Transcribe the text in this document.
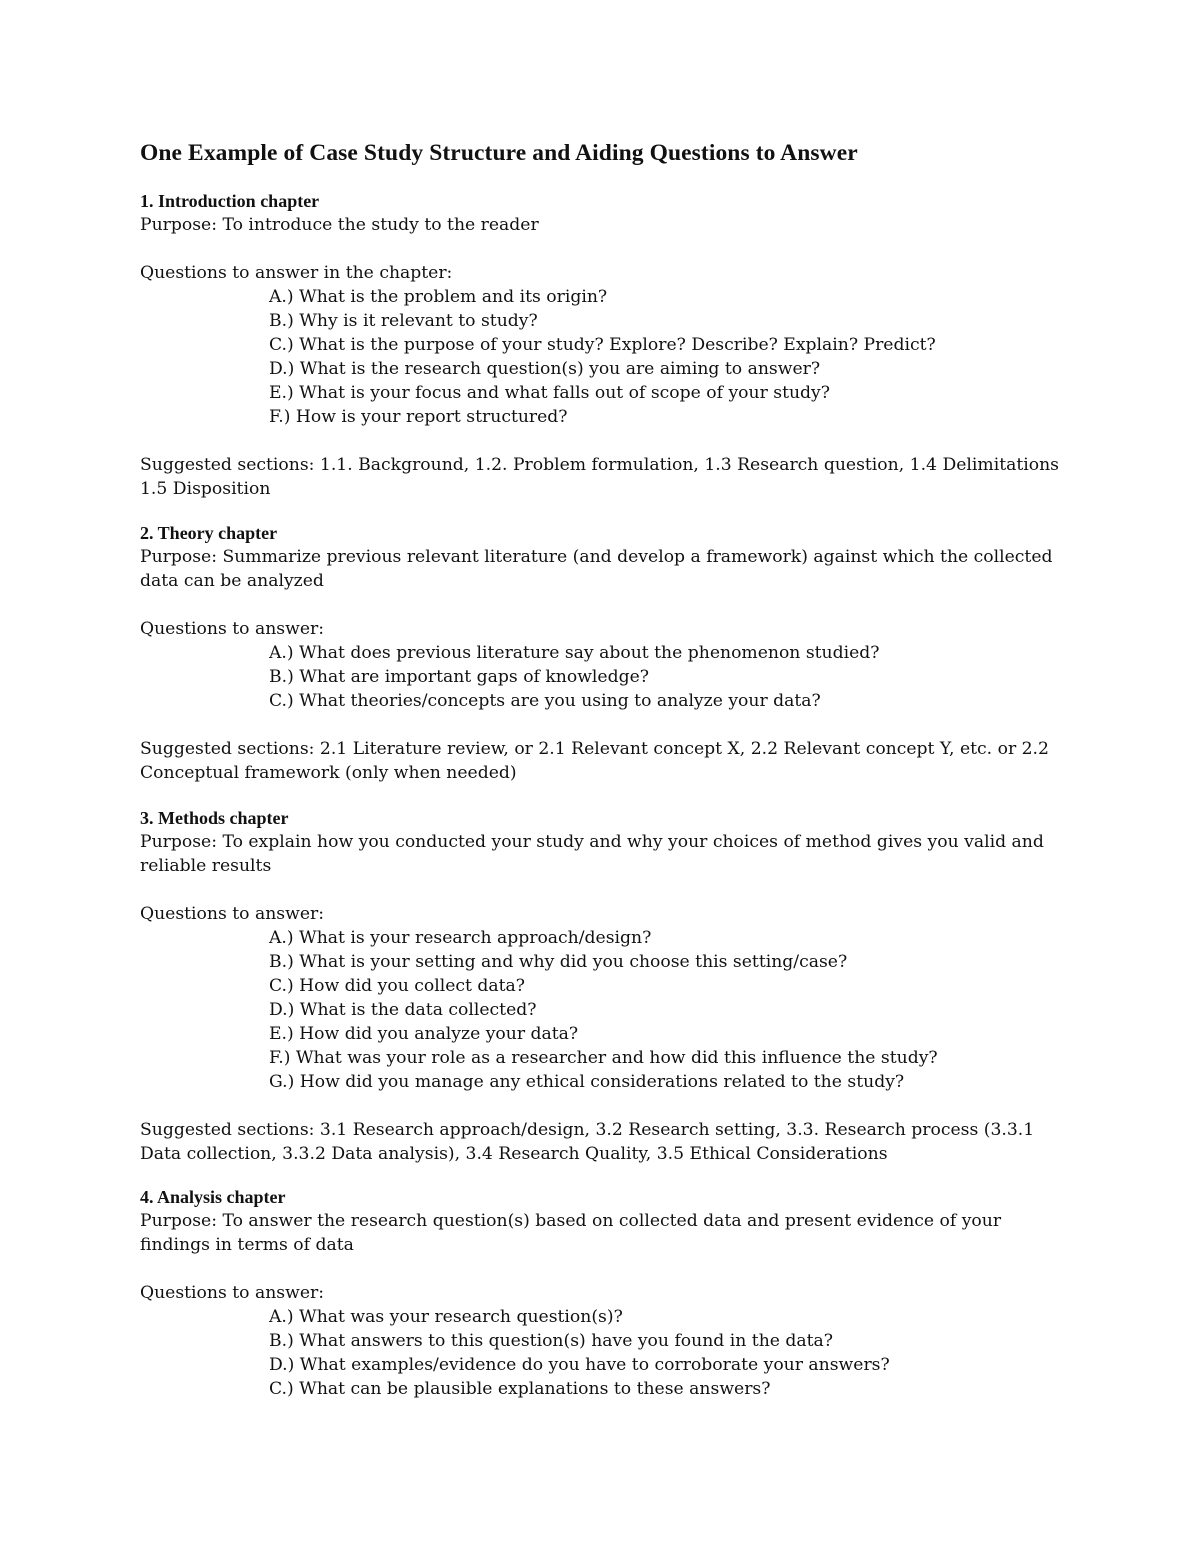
One Example of Case Study Structure and Aiding Questions to Answer

1. Introduction chapter

Purpose: To introduce the study to the reader

Questions to answer in the chapter:

A.) What is the problem and its origin?
B.) Why is it relevant to study?
C.) What is the purpose of your study? Explore? Describe? Explain? Predict?
D.) What is the research question(s) you are aiming to answer?
E.) What is your focus and what falls out of scope of your study?
F.) How is your report structured?

Suggested sections: 1.1. Background, 1.2. Problem formulation, 1.3 Research question, 1.4 Delimitations 1.5 Disposition

2. Theory chapter

Purpose: Summarize previous relevant literature (and develop a framework) against which the collected data can be analyzed

Questions to answer:

A.) What does previous literature say about the phenomenon studied?
B.) What are important gaps of knowledge?
C.) What theories/concepts are you using to analyze your data?

Suggested sections: 2.1 Literature review, or 2.1 Relevant concept X, 2.2 Relevant concept Y, etc. or 2.2 Conceptual framework (only when needed)

3. Methods chapter

Purpose: To explain how you conducted your study and why your choices of method gives you valid and reliable results

Questions to answer:

A.) What is your research approach/design?
B.) What is your setting and why did you choose this setting/case?
C.) How did you collect data?
D.) What is the data collected?
E.) How did you analyze your data?
F.) What was your role as a researcher and how did this influence the study?
G.) How did you manage any ethical considerations related to the study?

Suggested sections: 3.1 Research approach/design, 3.2 Research setting, 3.3. Research process (3.3.1 Data collection, 3.3.2 Data analysis), 3.4 Research Quality, 3.5 Ethical Considerations

4. Analysis chapter

Purpose: To answer the research question(s) based on collected data and present evidence of your findings in terms of data

Questions to answer:

A.) What was your research question(s)?
B.) What answers to this question(s) have you found in the data?
D.) What examples/evidence do you have to corroborate your answers?
C.) What can be plausible explanations to these answers?
